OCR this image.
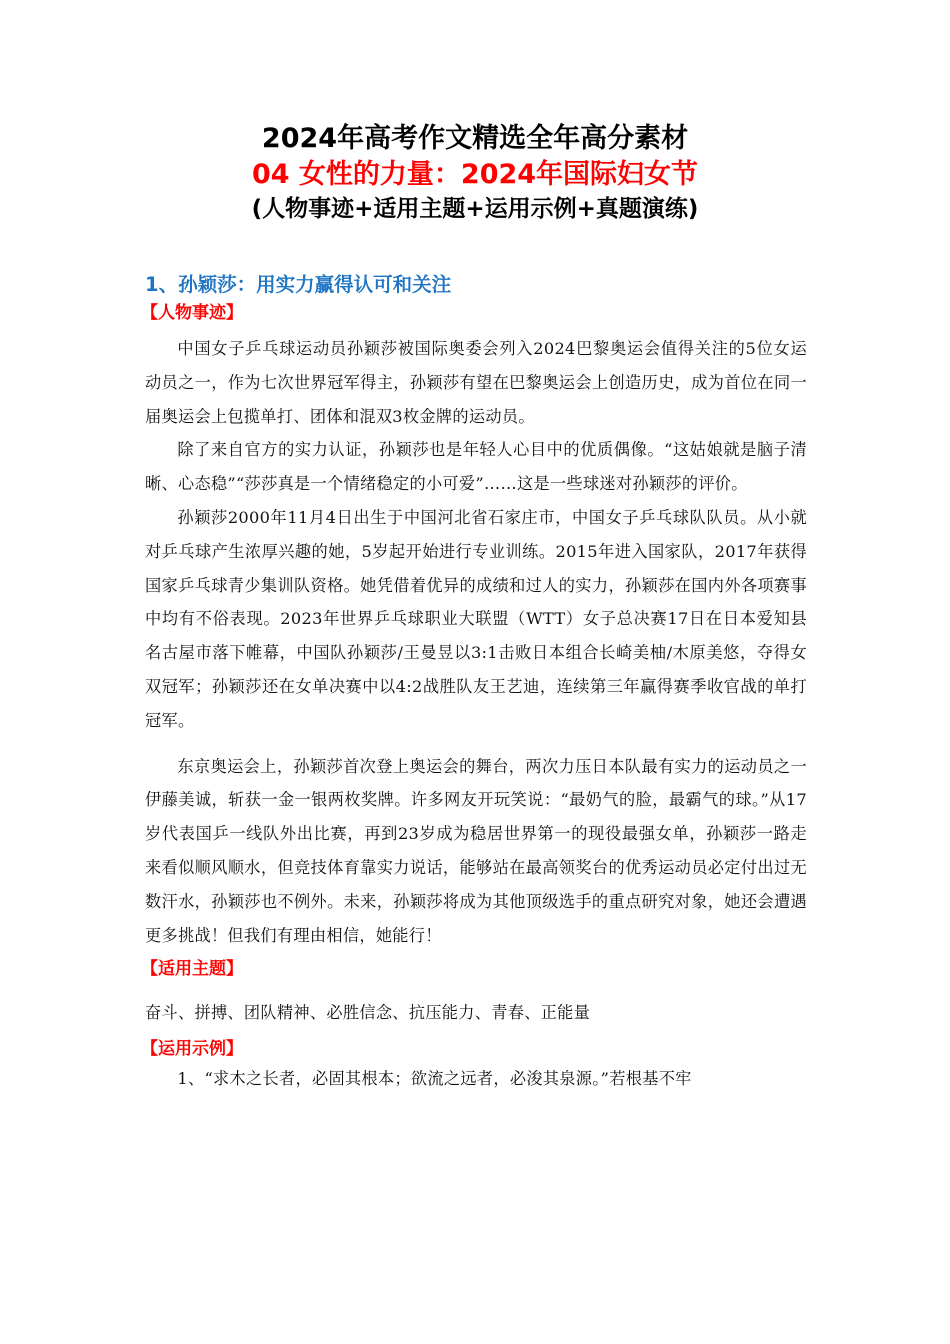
2024年高考作文精选全年高分素材
04 女性的力量：2024年国际妇女节
(人物事迹+适用主题+运用示例+真题演练)
1、孙颖莎：用实力赢得认可和关注
【人物事迹】

中国女子乒乓球运动员孙颖莎被国际奥委会列入2024巴黎奥运会值得关注的5位女运动员之一，作为七次世界冠军得主，孙颖莎有望在巴黎奥运会上创造历史，成为首位在同一届奥运会上包揽单打、团体和混双3枚金牌的运动员。

除了来自官方的实力认证，孙颖莎也是年轻人心目中的优质偶像。“这姑娘就是脑子清晰、心态稳”“莎莎真是一个情绪稳定的小可爱”……这是一些球迷对孙颖莎的评价。

孙颖莎2000年11月4日出生于中国河北省石家庄市，中国女子乒乓球队队员。从小就对乒乓球产生浓厚兴趣的她，5岁起开始进行专业训练。2015年进入国家队，2017年获得国家乒乓球青少集训队资格。她凭借着优异的成绩和过人的实力，孙颖莎在国内外各项赛事中均有不俗表现。2023年世界乒乓球职业大联盟（WTT）女子总决赛17日在日本爱知县名古屋市落下帷幕，中国队孙颖莎/王曼昱以3:1击败日本组合长崎美柚/木原美悠，夺得女双冠军；孙颖莎还在女单决赛中以4:2战胜队友王艺迪，连续第三年赢得赛季收官战的单打冠军。

东京奥运会上，孙颖莎首次登上奥运会的舞台，两次力压日本队最有实力的运动员之一伊藤美诚，斩获一金一银两枚奖牌。许多网友开玩笑说：“最奶气的脸，最霸气的球。”从17岁代表国乒一线队外出比赛，再到23岁成为稳居世界第一的现役最强女单，孙颖莎一路走来看似顺风顺水，但竞技体育靠实力说话，能够站在最高领奖台的优秀运动员必定付出过无数汗水，孙颖莎也不例外。未来，孙颖莎将成为其他顶级选手的重点研究对象，她还会遭遇更多挑战！但我们有理由相信，她能行！

【适用主题】

奋斗、拼搏、团队精神、必胜信念、抗压能力、青春、正能量

【运用示例】

1、“求木之长者，必固其根本；欲流之远者，必浚其泉源。”若根基不牢
